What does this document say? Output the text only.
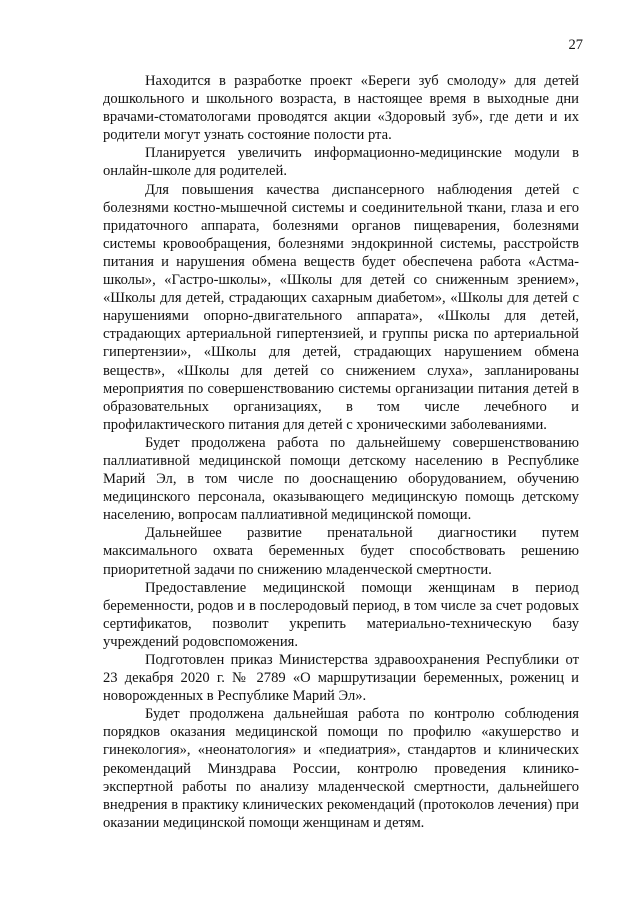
27

Находится в разработке проект «Береги зуб смолоду» для детей дошкольного и школьного возраста, в настоящее время в выходные дни врачами-стоматологами проводятся акции «Здоровый зуб», где дети и их родители могут узнать состояние полости рта.

Планируется увеличить информационно-медицинские модули в онлайн-школе для родителей.

Для повышения качества диспансерного наблюдения детей с болезнями костно-мышечной системы и соединительной ткани, глаза и его придаточного аппарата, болезнями органов пищеварения, болезнями системы кровообращения, болезнями эндокринной системы, расстройств питания и нарушения обмена веществ будет обеспечена работа «Астма-школы», «Гастро-школы», «Школы для детей со сниженным зрением», «Школы для детей, страдающих сахарным диабетом», «Школы для детей с нарушениями опорно-двигательного аппарата», «Школы для детей, страдающих артериальной гипертензией, и группы риска по артериальной гипертензии», «Школы для детей, страдающих нарушением обмена веществ», «Школы для детей со снижением слуха», запланированы мероприятия по совершенствованию системы организации питания детей в образовательных организациях, в том числе лечебного и профилактического питания для детей с хроническими заболеваниями.

Будет продолжена работа по дальнейшему совершенствованию паллиативной медицинской помощи детскому населению в Республике Марий Эл, в том числе по дооснащению оборудованием, обучению медицинского персонала, оказывающего медицинскую помощь детскому населению, вопросам паллиативной медицинской помощи.

Дальнейшее развитие пренатальной диагностики путем максимального охвата беременных будет способствовать решению приоритетной задачи по снижению младенческой смертности.

Предоставление медицинской помощи женщинам в период беременности, родов и в послеродовый период, в том числе за счет родовых сертификатов, позволит укрепить материально-техническую базу учреждений родовспоможения.

Подготовлен приказ Министерства здравоохранения Республики от 23 декабря 2020 г. № 2789 «О маршрутизации беременных, рожениц и новорожденных в Республике Марий Эл».

Будет продолжена дальнейшая работа по контролю соблюдения порядков оказания медицинской помощи по профилю «акушерство и гинекология», «неонатология» и «педиатрия», стандартов и клинических рекомендаций Минздрава России, контролю проведения клинико-экспертной работы по анализу младенческой смертности, дальнейшего внедрения в практику клинических рекомендаций (протоколов лечения) при оказании медицинской помощи женщинам и детям.
